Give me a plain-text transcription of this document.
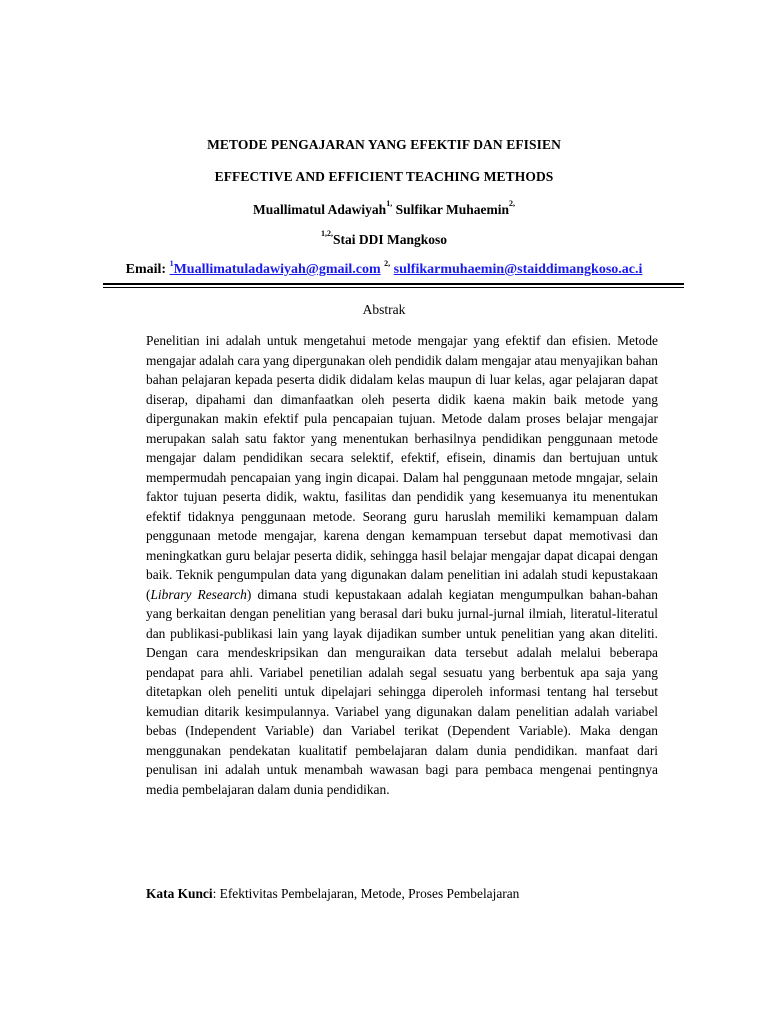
METODE PENGAJARAN YANG EFEKTIF DAN EFISIEN
EFFECTIVE AND EFFICIENT TEACHING METHODS
Muallimatul Adawiyah$^{1,}$ Sulfikar Muhaemin$^{2,}$
$^{1,2,}$Stai DDI Mangkoso
Email: $^1$Muallimatuladawiyah@gmail.com $^{2,}$ sulfikarmuhaemin@staiddimangkoso.ac.i
Abstrak

Penelitian ini adalah untuk mengetahui metode mengajar yang efektif dan efisien. Metode mengajar adalah cara yang dipergunakan oleh pendidik dalam mengajar atau menyajikan bahan bahan pelajaran kepada peserta didik didalam kelas maupun di luar kelas, agar pelajaran dapat diserap, dipahami dan dimanfaatkan oleh peserta didik kaena makin baik metode yang dipergunakan makin efektif pula pencapaian tujuan. Metode dalam proses belajar mengajar merupakan salah satu faktor yang menentukan berhasilnya pendidikan penggunaan metode mengajar dalam pendidikan secara selektif, efektif, efisein, dinamis dan bertujuan untuk mempermudah pencapaian yang ingin dicapai. Dalam hal penggunaan metode mngajar, selain faktor tujuan peserta didik, waktu, fasilitas dan pendidik yang kesemuanya itu menentukan efektif tidaknya penggunaan metode. Seorang guru haruslah memiliki kemampuan dalam penggunaan metode mengajar, karena dengan kemampuan tersebut dapat memotivasi dan meningkatkan guru belajar peserta didik, sehingga hasil belajar mengajar dapat dicapai dengan baik. Teknik pengumpulan data yang digunakan dalam penelitian ini adalah studi kepustakaan (Library Research) dimana studi kepustakaan adalah kegiatan mengumpulkan bahan-bahan yang berkaitan dengan penelitian yang berasal dari buku jurnal-jurnal ilmiah, literatul-literatul dan publikasi-publikasi lain yang layak dijadikan sumber untuk penelitian yang akan diteliti. Dengan cara mendeskripsikan dan menguraikan data tersebut adalah melalui beberapa pendapat para ahli. Variabel penetilian adalah segal sesuatu yang berbentuk apa saja yang ditetapkan oleh peneliti untuk dipelajari sehingga diperoleh informasi tentang hal tersebut kemudian ditarik kesimpulannya. Variabel yang digunakan dalam penelitian adalah variabel bebas (Independent Variable) dan Variabel terikat (Dependent Variable). Maka dengan menggunakan pendekatan kualitatif pembelajaran dalam dunia pendidikan. manfaat dari penulisan ini adalah untuk menambah wawasan bagi para pembaca mengenai pentingnya media pembelajaran dalam dunia pendidikan.

Kata Kunci: Efektivitas Pembelajaran, Metode, Proses Pembelajaran
